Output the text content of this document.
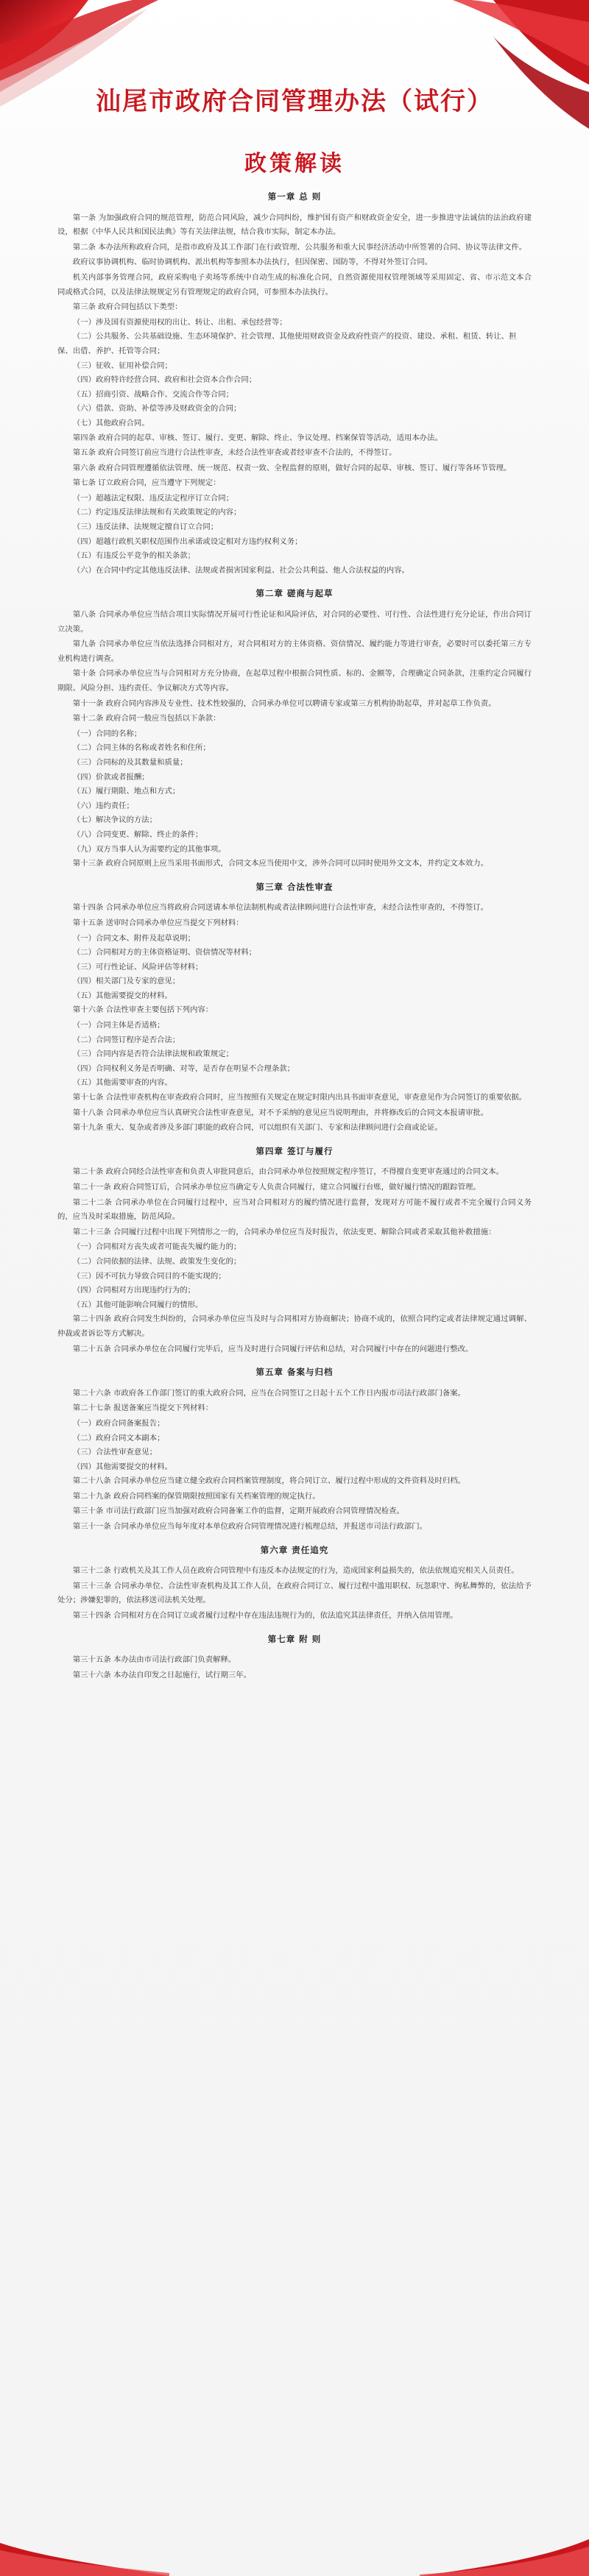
汕尾市政府合同管理办法（试行）
政策解读
第一章 总 则

第一条 为加强政府合同的规范管理，防范合同风险，减少合同纠纷，维护国有资产和财政资金安全，进一步推进守法诚信的法治政府建设，根据《中华人民共和国民法典》等有关法律法规，结合我市实际，制定本办法。

第二条 本办法所称政府合同，是指市政府及其工作部门在行政管理、公共服务和重大民事经济活动中所签署的合同、协议等法律文件。

政府议事协调机构、临时协调机构、派出机构等参照本办法执行，但因保密、国防等，不得对外签订合同。

机关内部事务管理合同，政府采购电子卖场等系统中自动生成的标准化合同，自然资源使用权管理领域等采用固定、省、市示范文本合同或格式合同，以及法律法规规定另有管理规定的政府合同，可参照本办法执行。

第三条 政府合同包括以下类型：

（一）涉及国有资源使用权的出让、转让、出租、承包经营等；

（二）公共服务、公共基础设施、生态环境保护、社会管理、其他使用财政资金及政府性资产的投资、建设、承租、租赁、转让、担保、出借、养护、托管等合同；

（三）征收、征用补偿合同；

（四）政府特许经营合同、政府和社会资本合作合同；

（五）招商引资、战略合作、交流合作等合同；

（六）借款、资助、补偿等涉及财政资金的合同；

（七）其他政府合同。

第四条 政府合同的起草、审核、签订、履行、变更、解除、终止、争议处理、档案保管等活动，适用本办法。

第五条 政府合同签订前应当进行合法性审查，未经合法性审查或者经审查不合法的，不得签订。

第六条 政府合同管理遵循依法管理、统一规范、权责一致、全程监督的原则，做好合同的起草、审核、签订、履行等各环节管理。

第七条 订立政府合同，应当遵守下列规定：

（一）超越法定权限、违反法定程序订立合同；

（二）约定违反法律法规和有关政策规定的内容；

（三）违反法律、法规规定擅自订立合同；

（四）超越行政机关职权范围作出承诺或设定相对方违约权利义务；

（五）有违反公平竞争的相关条款；

（六）在合同中约定其他违反法律、法规或者损害国家利益、社会公共利益、他人合法权益的内容。

第二章 磋商与起草

第八条 合同承办单位应当结合项目实际情况开展可行性论证和风险评估，对合同的必要性、可行性、合法性进行充分论证，作出合同订立决策。

第九条 合同承办单位应当依法选择合同相对方，对合同相对方的主体资格、资信情况、履约能力等进行审查，必要时可以委托第三方专业机构进行调查。

第十条 合同承办单位应当与合同相对方充分协商，在起草过程中根据合同性质、标的、金额等，合理确定合同条款，注重约定合同履行期限、风险分担、违约责任、争议解决方式等内容。

第十一条 政府合同内容涉及专业性、技术性较强的，合同承办单位可以聘请专家或第三方机构协助起草，并对起草工作负责。

第十二条 政府合同一般应当包括以下条款：

（一）合同的名称；

（二）合同主体的名称或者姓名和住所；

（三）合同标的及其数量和质量；

（四）价款或者报酬；

（五）履行期限、地点和方式；

（六）违约责任；

（七）解决争议的方法；

（八）合同变更、解除、终止的条件；

（九）双方当事人认为需要约定的其他事项。

第十三条 政府合同原则上应当采用书面形式，合同文本应当使用中文，涉外合同可以同时使用外文文本，并约定文本效力。

第三章 合法性审查

第十四条 合同承办单位应当将政府合同送请本单位法制机构或者法律顾问进行合法性审查，未经合法性审查的，不得签订。

第十五条 送审时合同承办单位应当提交下列材料：

（一）合同文本、附件及起草说明；

（二）合同相对方的主体资格证明、资信情况等材料；

（三）可行性论证、风险评估等材料；

（四）相关部门及专家的意见；

（五）其他需要提交的材料。

第十六条 合法性审查主要包括下列内容：

（一）合同主体是否适格；

（二）合同签订程序是否合法；

（三）合同内容是否符合法律法规和政策规定；

（四）合同权利义务是否明确、对等，是否存在明显不合理条款；

（五）其他需要审查的内容。

第十七条 合法性审查机构在审查政府合同时，应当按照有关规定在规定时限内出具书面审查意见，审查意见作为合同签订的重要依据。

第十八条 合同承办单位应当认真研究合法性审查意见，对不予采纳的意见应当说明理由，并将修改后的合同文本报请审批。

第十九条 重大、复杂或者涉及多部门职能的政府合同，可以组织有关部门、专家和法律顾问进行会商或论证。

第四章 签订与履行

第二十条 政府合同经合法性审查和负责人审批同意后，由合同承办单位按照规定程序签订，不得擅自变更审查通过的合同文本。

第二十一条 政府合同签订后，合同承办单位应当确定专人负责合同履行，建立合同履行台账，做好履行情况的跟踪管理。

第二十二条 合同承办单位在合同履行过程中，应当对合同相对方的履约情况进行监督，发现对方可能不履行或者不完全履行合同义务的，应当及时采取措施，防范风险。

第二十三条 合同履行过程中出现下列情形之一的，合同承办单位应当及时报告，依法变更、解除合同或者采取其他补救措施：

（一）合同相对方丧失或者可能丧失履约能力的；

（二）合同依据的法律、法规、政策发生变化的；

（三）因不可抗力导致合同目的不能实现的；

（四）合同相对方出现违约行为的；

（五）其他可能影响合同履行的情形。

第二十四条 政府合同发生纠纷的，合同承办单位应当及时与合同相对方协商解决；协商不成的，依照合同约定或者法律规定通过调解、仲裁或者诉讼等方式解决。

第二十五条 合同承办单位在合同履行完毕后，应当及时进行合同履行评估和总结，对合同履行中存在的问题进行整改。

第五章 备案与归档

第二十六条 市政府各工作部门签订的重大政府合同，应当在合同签订之日起十五个工作日内报市司法行政部门备案。

第二十七条 报送备案应当提交下列材料：

（一）政府合同备案报告；

（二）政府合同文本副本；

（三）合法性审查意见；

（四）其他需要提交的材料。

第二十八条 合同承办单位应当建立健全政府合同档案管理制度，将合同订立、履行过程中形成的文件资料及时归档。

第二十九条 政府合同档案的保管期限按照国家有关档案管理的规定执行。

第三十条 市司法行政部门应当加强对政府合同备案工作的监督，定期开展政府合同管理情况检查。

第三十一条 合同承办单位应当每年度对本单位政府合同管理情况进行梳理总结，并报送市司法行政部门。

第六章 责任追究

第三十二条 行政机关及其工作人员在政府合同管理中有违反本办法规定的行为，造成国家利益损失的，依法依规追究相关人员责任。

第三十三条 合同承办单位、合法性审查机构及其工作人员，在政府合同订立、履行过程中滥用职权、玩忽职守、徇私舞弊的，依法给予处分；涉嫌犯罪的，依法移送司法机关处理。

第三十四条 合同相对方在合同订立或者履行过程中存在违法违规行为的，依法追究其法律责任，并纳入信用管理。

第七章 附 则

第三十五条 本办法由市司法行政部门负责解释。

第三十六条 本办法自印发之日起施行，试行期三年。
